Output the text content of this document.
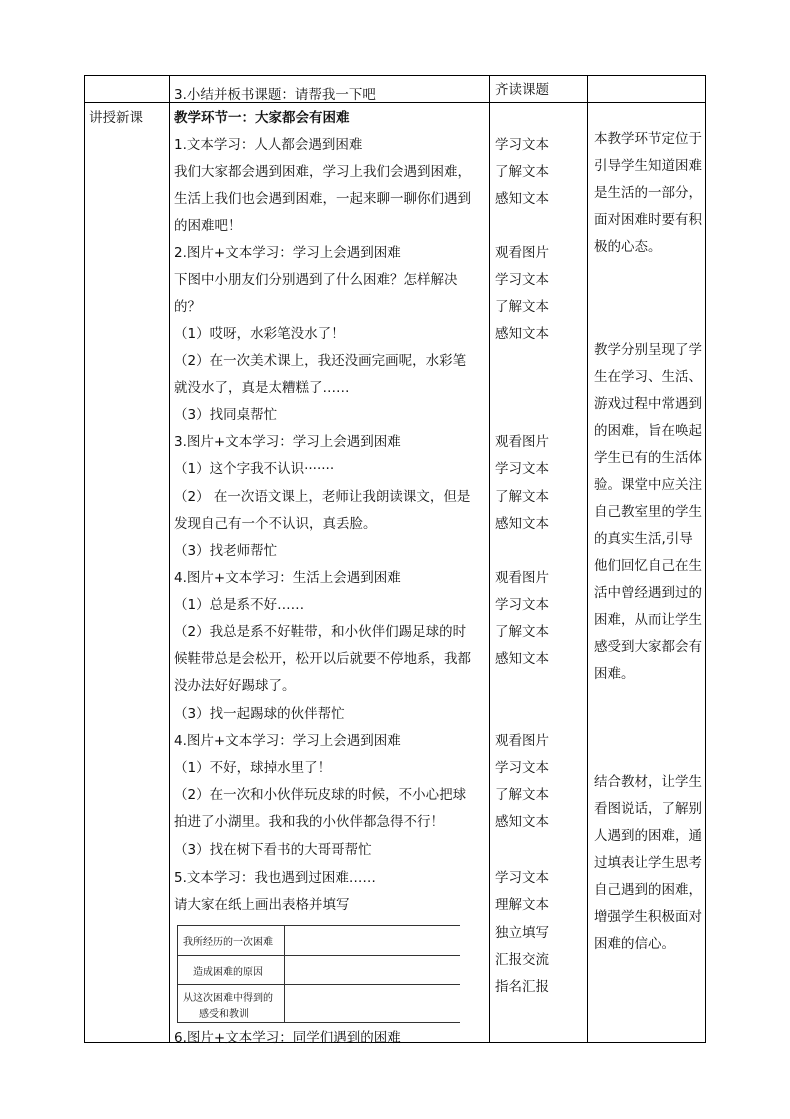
3.小结并板书课题：请帮我一下吧	齐读课题
讲授新课 教学环节一：大家都会有困难
1.文本学习：人人都会遇到困难
我们大家都会遇到困难，学习上我们会遇到困难，
生活上我们也会遇到困难，一起来聊一聊你们遇到
的困难吧！
2.图片+文本学习：学习上会遇到困难
下图中小朋友们分别遇到了什么困难？怎样解决
的？
（1）哎呀，水彩笔没水了！
（2）在一次美术课上，我还没画完画呢，水彩笔
就没水了，真是太糟糕了……
（3）找同桌帮忙
3.图片+文本学习：学习上会遇到困难
（1）这个字我不认识·······
（2） 在一次语文课上，老师让我朗读课文，但是
发现自己有一个不认识，真丢脸。
（3）找老师帮忙
4.图片+文本学习：生活上会遇到困难
（1）总是系不好……
（2）我总是系不好鞋带，和小伙伴们踢足球的时
候鞋带总是会松开，松开以后就要不停地系，我都
没办法好好踢球了。
（3）找一起踢球的伙伴帮忙
4.图片+文本学习：学习上会遇到困难
（1）不好，球掉水里了！
（2）在一次和小伙伴玩皮球的时候，不小心把球
拍进了小湖里。我和我的小伙伴都急得不行！
（3）找在树下看书的大哥哥帮忙
5.文本学习：我也遇到过困难……
请大家在纸上画出表格并填写
我所经历的一次困难
造成困难的原因
从这次困难中得到的
感受和教训
6.图片+文本学习：同学们遇到的困难
学习文本
了解文本
感知文本
观看图片
学习文本
了解文本
感知文本
观看图片
学习文本
了解文本
感知文本
观看图片
学习文本
了解文本
感知文本
观看图片
学习文本
了解文本
感知文本
学习文本
理解文本
独立填写
汇报交流
指名汇报
本教学环节定位于引导学生知道困难是生活的一部分，面对困难时要有积极的心态。
教学分别呈现了学生在学习、生活、游戏过程中常遇到的困难，旨在唤起学生已有的生活体验。课堂中应关注自己教室里的学生的真实生活,引导他们回忆自己在生活中曾经遇到过的困难，从而让学生感受到大家都会有困难。
结合教材，让学生看图说话，了解别人遇到的困难，通过填表让学生思考自己遇到的困难，增强学生积极面对困难的信心。
